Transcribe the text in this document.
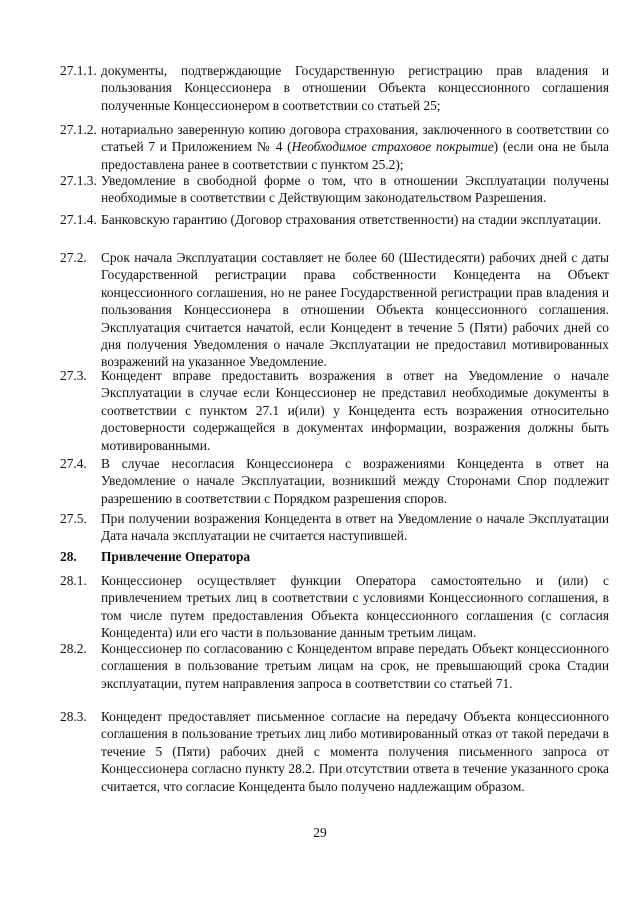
27.1.1. документы, подтверждающие Государственную регистрацию прав владения и пользования Концессионера в отношении Объекта концессионного соглашения полученные Концессионером в соответствии со статьей 25;
27.1.2. нотариально заверенную копию договора страхования, заключенного в соответствии со статьей 7 и Приложением № 4 (Необходимое страховое покрытие) (если она не была предоставлена ранее в соответствии с пунктом 25.2);
27.1.3. Уведомление в свободной форме о том, что в отношении Эксплуатации получены необходимые в соответствии с Действующим законодательством Разрешения.
27.1.4. Банковскую гарантию (Договор страхования ответственности) на стадии эксплуатации.
27.2. Срок начала Эксплуатации составляет не более 60 (Шестидесяти) рабочих дней с даты Государственной регистрации права собственности Концедента на Объект концессионного соглашения, но не ранее Государственной регистрации прав владения и пользования Концессионера в отношении Объекта концессионного соглашения. Эксплуатация считается начатой, если Концедент в течение 5 (Пяти) рабочих дней со дня получения Уведомления о начале Эксплуатации не предоставил мотивированных возражений на указанное Уведомление.
27.3. Концедент вправе предоставить возражения в ответ на Уведомление о начале Эксплуатации в случае если Концессионер не представил необходимые документы в соответствии с пунктом 27.1 и(или) у Концедента есть возражения относительно достоверности содержащейся в документах информации, возражения должны быть мотивированными.
27.4. В случае несогласия Концессионера с возражениями Концедента в ответ на Уведомление о начале Эксплуатации, возникший между Сторонами Спор подлежит разрешению в соответствии с Порядком разрешения споров.
27.5. При получении возражения Концедента в ответ на Уведомление о начале Эксплуатации Дата начала эксплуатации не считается наступившей.
28. Привлечение Оператора
28.1. Концессионер осуществляет функции Оператора самостоятельно и (или) с привлечением третьих лиц в соответствии с условиями Концессионного соглашения, в том числе путем предоставления Объекта концессионного соглашения (с согласия Концедента) или его части в пользование данным третьим лицам.
28.2. Концессионер по согласованию с Концедентом вправе передать Объект концессионного соглашения в пользование третьим лицам на срок, не превышающий срока Стадии эксплуатации, путем направления запроса в соответствии со статьей 71.
28.3. Концедент предоставляет письменное согласие на передачу Объекта концессионного соглашения в пользование третьих лиц либо мотивированный отказ от такой передачи в течение 5 (Пяти) рабочих дней с момента получения письменного запроса от Концессионера согласно пункту 28.2. При отсутствии ответа в течение указанного срока считается, что согласие Концедента было получено надлежащим образом.
29
